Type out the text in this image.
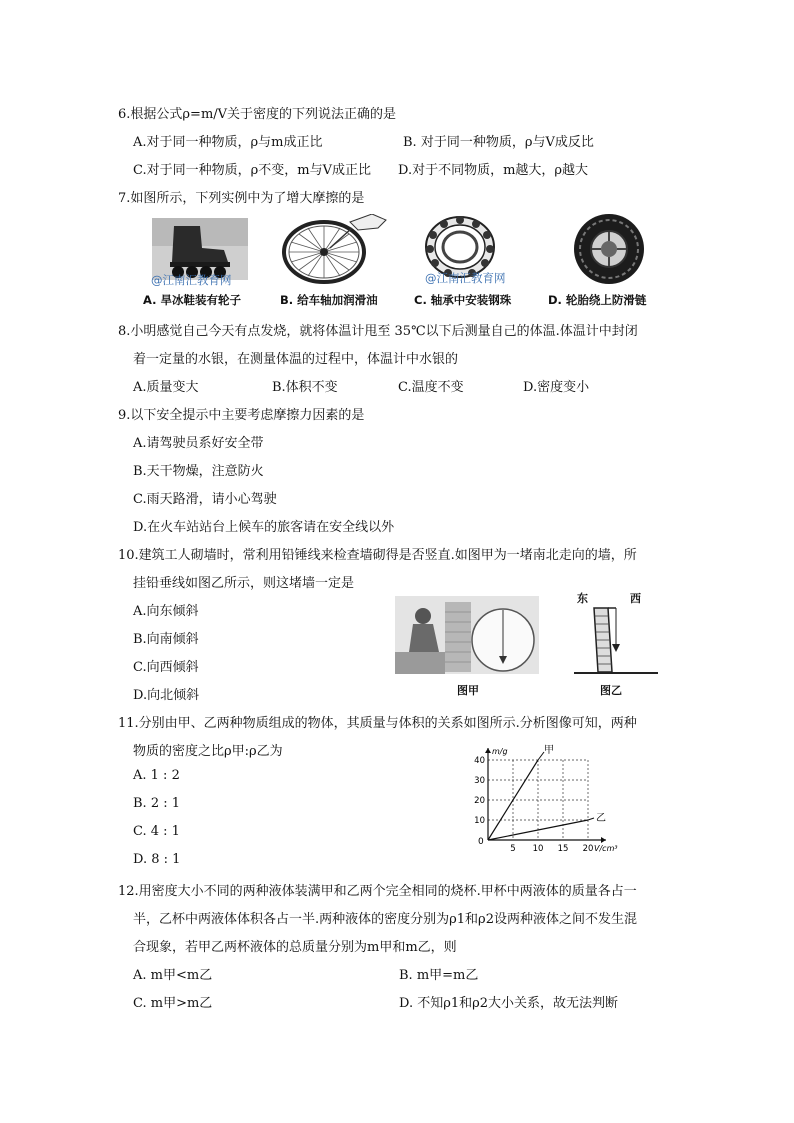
6.根据公式ρ=m/V关于密度的下列说法正确的是
A.对于同一种物质，ρ与m成正比	B. 对于同一种物质，ρ与V成反比
C.对于同一种物质，ρ不变，m与V成正比 D.对于不同物质，m越大，ρ越大
7.如图所示，下列实例中为了增大摩擦的是
@江南汇教育网	@江南汇教育网
A. 旱冰鞋装有轮子	B. 给车轴加润滑油	C. 轴承中安装钢珠	D. 轮胎绕上防滑链
8.小明感觉自己今天有点发烧，就将体温计甩至 35℃以下后测量自己的体温.体温计中封闭
着一定量的水银，在测量体温的过程中，体温计中水银的
A.质量变大	B.体积不变	C.温度不变	D.密度变小
9.以下安全提示中主要考虑摩擦力因素的是
A.请驾驶员系好安全带
B.天干物燥，注意防火
C.雨天路滑，请小心驾驶
D.在火车站站台上候车的旅客请在安全线以外
10.建筑工人砌墙时，常利用铅锤线来检查墙砌得是否竖直.如图甲为一堵南北走向的墙，所
挂铅垂线如图乙所示，则这堵墙一定是
A.向东倾斜
B.向南倾斜
C.向西倾斜
D.向北倾斜	图甲
东	西
图乙
11.分别由甲、乙两种物质组成的物体，其质量与体积的关系如图所示.分析图像可知，两种
物质的密度之比ρ甲:ρ乙为
A. 1 : 2
B. 2 : 1
C. 4 : 1
D. 8 : 1
m/g
V/cm³
0
5 10 15 20
10
20
30
40
甲
乙
12.用密度大小不同的两种液体装满甲和乙两个完全相同的烧杯.甲杯中两液体的质量各占一
半，乙杯中两液体体积各占一半.两种液体的密度分别为ρ1和ρ2设两种液体之间不发生混
合现象，若甲乙两杯液体的总质量分别为m甲和m乙，则
A. m甲<m乙	B. m甲=m乙
C. m甲>m乙	D. 不知ρ1和ρ2大小关系，故无法判断
